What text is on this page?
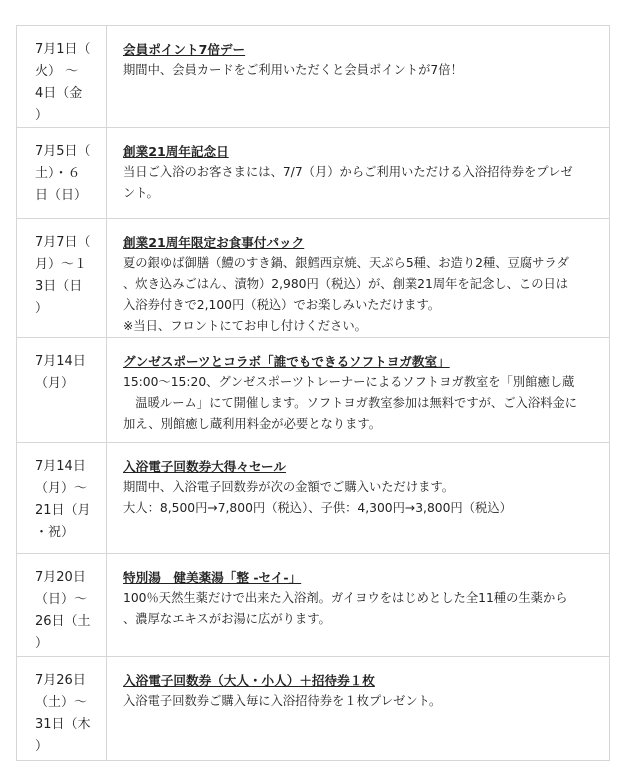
7月1日（
火） 〜
4日（金
）	会員ポイント7倍デー
期間中、会員カードをご利用いただくと会員ポイントが7倍！

7月5日（
土）・６
日（日）	創業21周年記念日
当日ご入浴のお客さまには、7/7（月）からご利用いただける入浴招待券をプレゼ
ント。

7月7日（
月）〜１
3日（日
）	創業21周年限定お食事付パック
夏の銀ゆば御膳（鱧のすき鍋、銀鱈西京焼、天ぷら5種、お造り2種、豆腐サラダ
、炊き込みごはん、漬物）2,980円（税込）が、創業21周年を記念し、この日は
入浴券付きで2,100円（税込）でお楽しみいただけます。
※当日、フロントにてお申し付けください。

7月14日
（月）	グンゼスポーツとコラボ「誰でもできるソフトヨガ教室」
15:00〜15:20、グンゼスポーツトレーナーによるソフトヨガ教室を「別館癒し蔵
　温暖ルーム」にて開催します。ソフトヨガ教室参加は無料ですが、ご入浴料金に
加え、別館癒し蔵利用料金が必要となります。

7月14日
（月）〜
21日（月
・祝）	入浴電子回数券大得々セール
期間中、入浴電子回数券が次の金額でご購入いただけます。
大人：8,500円→7,800円（税込）、子供：4,300円→3,800円（税込）

7月20日
（日）〜
26日（土
）	特別湯　健美薬湯「整 -セイ-」
100％天然生薬だけで出来た入浴剤。ガイヨウをはじめとした全11種の生薬から
、濃厚なエキスがお湯に広がります。

7月26日
（土）〜
31日（木
）	入浴電子回数券（大人・小人）＋招待券１枚
入浴電子回数券ご購入毎に入浴招待券を１枚プレゼント。
